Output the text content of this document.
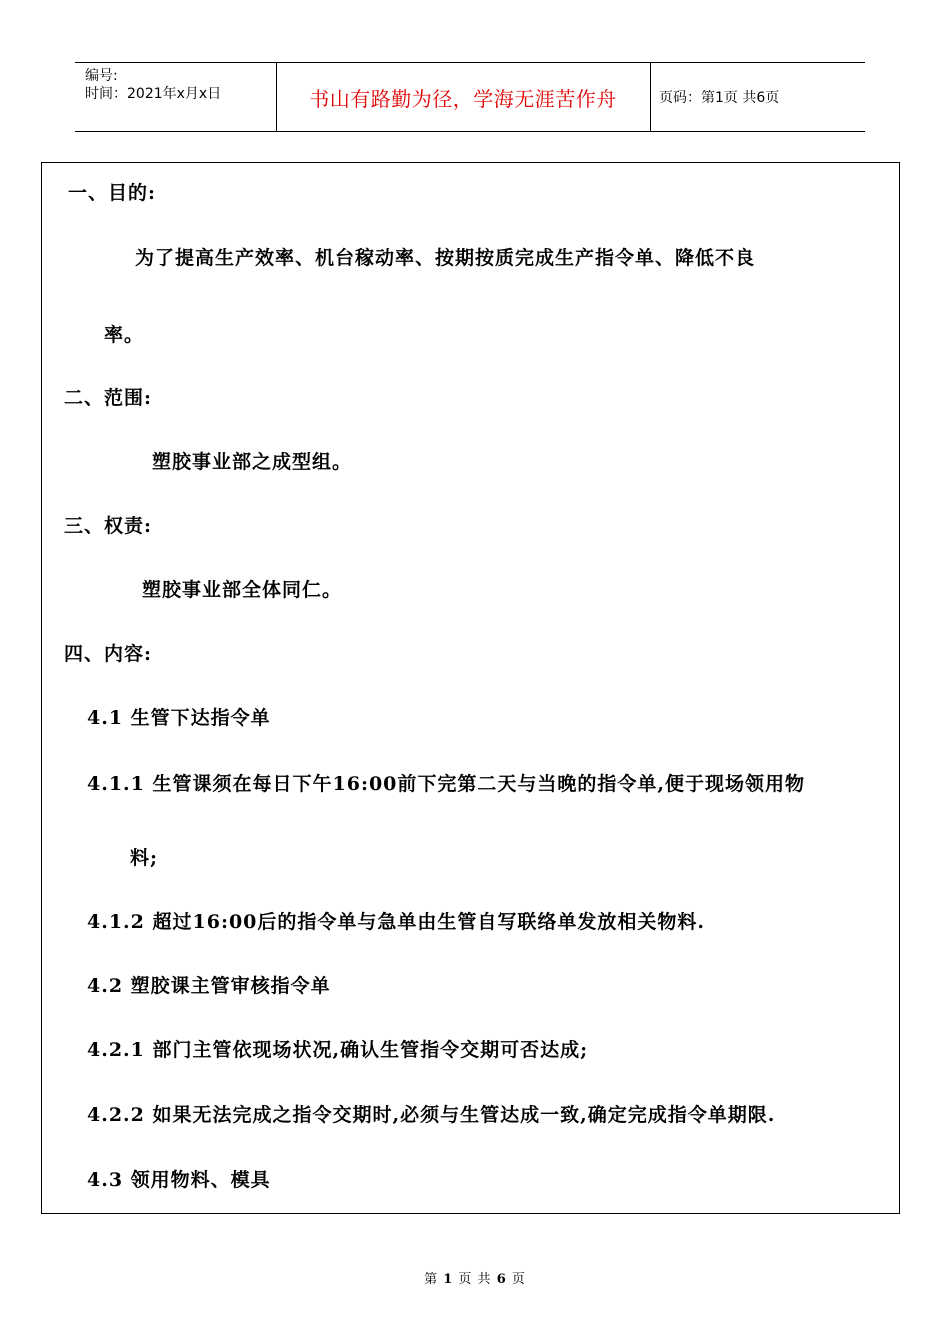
编号:
时间：2021年x月x日	书山有路勤为径，学海无涯苦作舟	页码：第1页 共6页
一、目的:
为了提高生产效率、机台稼动率、按期按质完成生产指令单、降低不良
率。
二、范围:
塑胶事业部之成型组。
三、权责:
塑胶事业部全体同仁。
四、内容:
4.1 生管下达指令单
4.1.1 生管课须在每日下午16:00前下完第二天与当晚的指令单,便于现场领用物
料;
4.1.2 超过16:00后的指令单与急单由生管自写联络单发放相关物料.
4.2 塑胶课主管审核指令单
4.2.1 部门主管依现场状况,确认生管指令交期可否达成;
4.2.2 如果无法完成之指令交期时,必须与生管达成一致,确定完成指令单期限.
4.3 领用物料、模具
第 1 页 共 6 页
